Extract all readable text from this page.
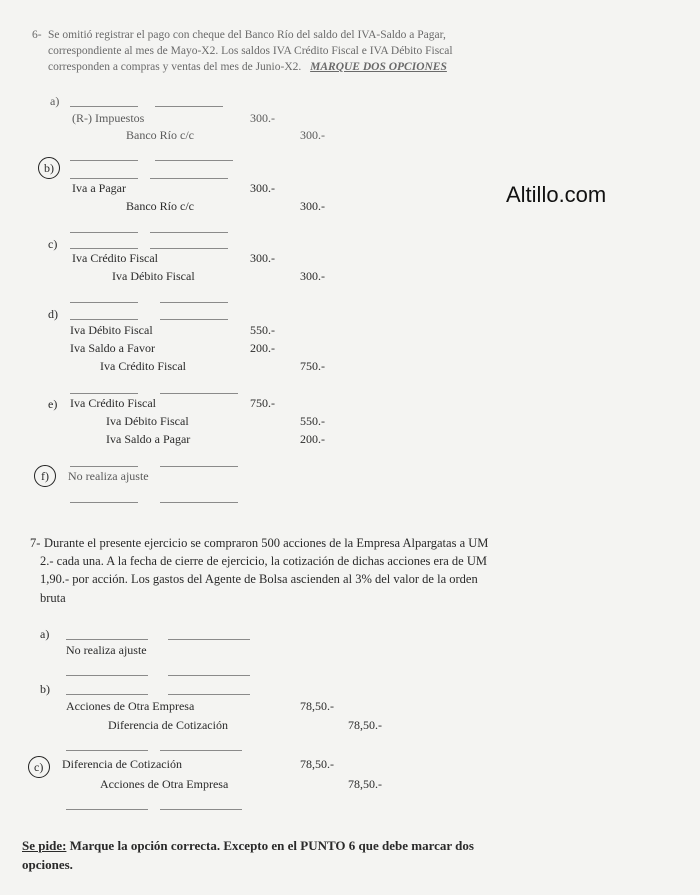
Altillo.com
6- Se omitió registrar el pago con cheque del Banco Río del saldo del IVA-Saldo a Pagar,
correspondiente al mes de Mayo-X2. Los saldos IVA Crédito Fiscal e IVA Débito Fiscal
corresponden a compras y ventas del mes de Junio-X2. MARQUE DOS OPCIONES
a)
(R-) Impuestos	300.-
Banco Río c/c	300.-
b)
Iva a Pagar	300.-
Banco Río c/c	300.-
c)
Iva Crédito Fiscal	300.-
Iva Débito Fiscal	300.-
d)
Iva Débito Fiscal	550.-
Iva Saldo a Favor	200.-
Iva Crédito Fiscal	750.-
e) Iva Crédito Fiscal	750.-
Iva Débito Fiscal	550.-
Iva Saldo a Pagar	200.-
f) No realiza ajuste
7- Durante el presente ejercicio se compraron 500 acciones de la Empresa Alpargatas a UM
2.- cada una. A la fecha de cierre de ejercicio, la cotización de dichas acciones era de UM
1,90.- por acción. Los gastos del Agente de Bolsa ascienden al 3% del valor de la orden
bruta
a)
No realiza ajuste
b)
Acciones de Otra Empresa	78,50.-
Diferencia de Cotización	78,50.-
c) Diferencia de Cotización	78,50.-
Acciones de Otra Empresa	78,50.-
Se pide: Marque la opción correcta. Excepto en el PUNTO 6 que debe marcar dos
opciones.
